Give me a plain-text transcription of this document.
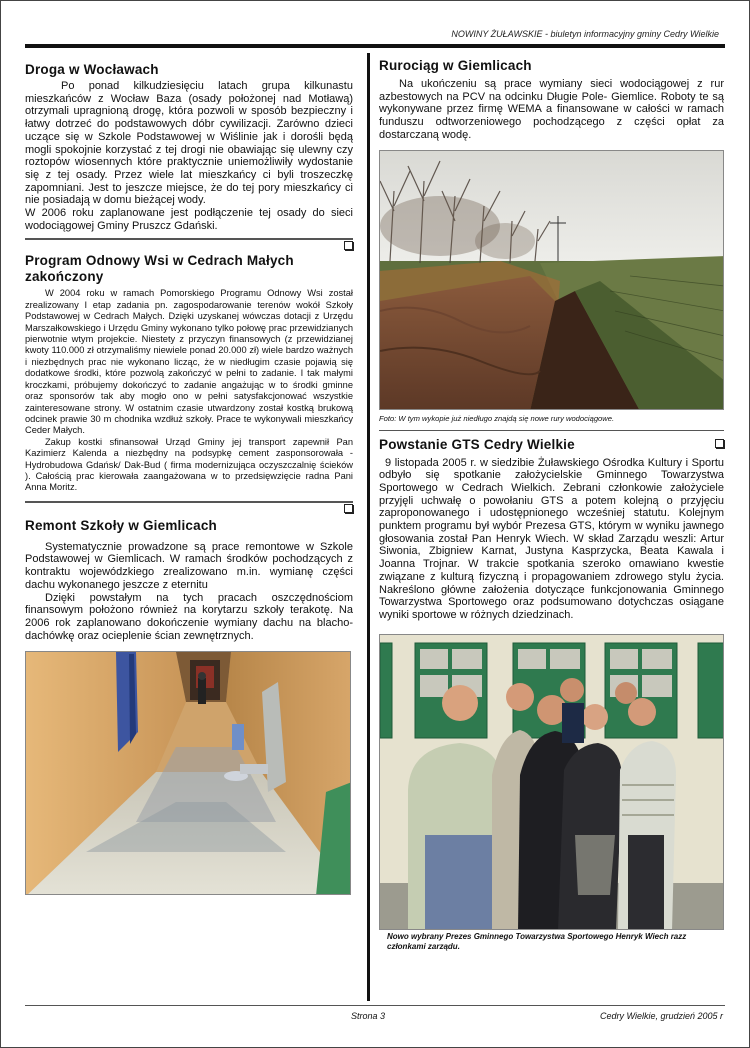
NOWINY ŻUŁAWSKIE - biuletyn informacyjny gminy Cedry Wielkie
Droga w Wocławach

Po ponad kilkudziesięciu latach grupa kilkunastu mieszkańców z Wocław Baza (osady położonej nad Motławą) otrzymali upragnioną drogę, która pozwoli w sposób bezpieczny i łatwy dotrzeć do podstawowych dóbr cywilizacji. Zarówno dzieci uczące się w Szkole Podstawowej w Wiślinie jak i dorośli będą mogli spokojnie korzystać z tej drogi nie obawiając się ulewny czy roztopów wiosennych które praktycznie uniemożliwiły wydostanie się z tej osady. Przez wiele lat mieszkańcy ci byli troszeczkę zapomniani. Jest to jeszcze miejsce, że do tej pory mieszkańcy ci nie posiadają w domu bieżącej wody.

W 2006 roku zaplanowane jest podłączenie tej osady do sieci wodociągowej Gminy Pruszcz Gdański.

Program Odnowy Wsi w Cedrach Małych zakończony

W 2004 roku w ramach Pomorskiego Programu Odnowy Wsi został zrealizowany I etap zadania pn. zagospodarowanie terenów wokół Szkoły Podstawowej w Cedrach Małych. Dzięki uzyskanej wówczas dotacji z Urzędu Marszałkowskiego i Urzędu Gminy wykonano tylko połowę prac przewidzianych pierwotnie wtym projekcie. Niestety z przyczyn finansowych (z przewidzianej kwoty 110.000 zł otrzymaliśmy niewiele ponad 20.000 zł) wiele bardzo ważnych i niezbędnych prac nie wykonano licząc, że w niedługim czasie pojawią się dodatkowe środki, które pozwolą zakończyć w pełni to zadanie. I tak małymi kroczkami, próbujemy dokończyć to zadanie angażując w to środki gminne oraz sponsorów tak aby mogło ono w pełni satysfakcjonować wszystkie zainteresowane strony. W ostatnim czasie utwardzony został kostką brukową odcinek prawie 30 m chodnika wzdłuż szkoły. Prace te wykonywali mieszkańcy Ceder Małych.

Zakup kostki sfinansował Urząd Gminy jej transport zapewnił Pan Kazimierz Kalenda a niezbędny na podsypkę cement zasponsorowała - Hydrobudowa Gdańsk/ Dak-Bud ( firma modernizująca oczyszczalnię ścieków ). Całością prac kierowała zaangażowana w to przedsięwzięcie radna Pani Anna Moritz.

Remont Szkoły w Giemlicach

Systematycznie prowadzone są prace remontowe w Szkole Podstawowej w Giemlicach. W ramach środków pochodzących z kontraktu wojewódzkiego zrealizowano m.in. wymianę części dachu wykonanego jeszcze z eternitu

Dzięki powstałym na tych pracach oszczędnościom finansowym położono również na korytarzu szkoły terakotę. Na 2006 rok zaplanowano dokończenie wymiany dachu na blacho-dachówkę oraz ocieplenie ścian zewnętrznych.

Rurociąg w Giemlicach

Na ukończeniu są prace wymiany sieci wodociągowej z rur azbestowych na PCV na odcinku Długie Pole- Giemlice. Roboty te są wykonywane przez firmę WEMA a finansowane w całości w ramach funduszu odtworzeniowego pochodzącego z części opłat za dostarczaną wodę.

Foto: W tym wykopie już niedługo znajdą się nowe rury wodociągowe.
Powstanie GTS Cedry Wielkie

9 listopada 2005 r. w siedzibie Żuławskiego Ośrodka Kultury i Sportu odbyło się spotkanie założycielskie Gminnego Towarzystwa Sportowego w Cedrach Wielkich. Zebrani członkowie założyciele przyjęli uchwałę o powołaniu GTS a potem kolejną o przyjęciu zaproponowanego i udostępnionego wcześniej statutu. Kolejnym punktem programu był wybór Prezesa GTS, którym w wyniku jawnego głosowania został Pan Henryk Wiech. W skład Zarządu weszli: Artur Siwonia, Zbigniew Karnat, Justyna Kasprzycka, Beata Kawala i Joanna Trojnar. W trakcie spotkania szeroko omawiano kwestie związane z kulturą fizyczną i propagowaniem zdrowego stylu życia. Nakreślono główne założenia dotyczące funkcjonowania Gminnego Towarzystwa Sportowego oraz podsumowano dotychczas osiągane wyniki sportowe w różnych dziedzinach.

Nowo wybrany Prezes Gminnego Towarzystwa Sportowego Henryk Wiech razz członkami zarządu.
Strona 3	Cedry Wielkie, grudzień 2005 r
